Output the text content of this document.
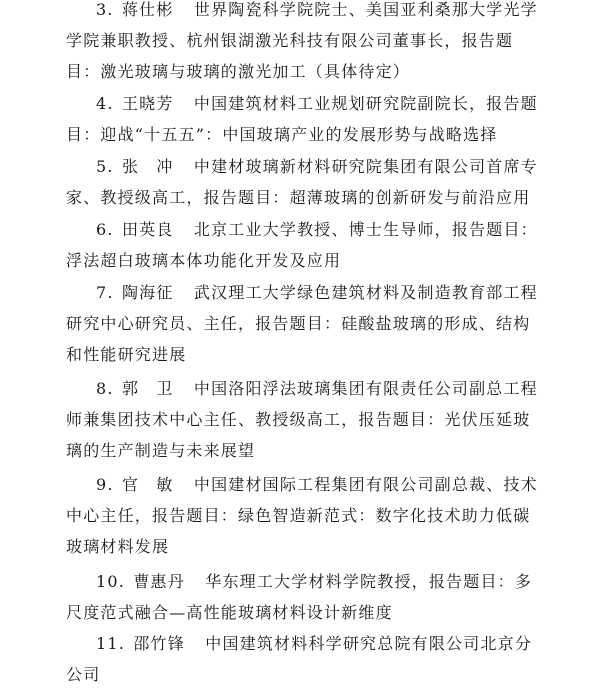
3. 蒋仕彬 世界陶瓷科学院院士、美国亚利桑那大学光学学院兼职教授、杭州银湖激光科技有限公司董事长，报告题目：激光玻璃与玻璃的激光加工（具体待定）

4. 王晓芳 中国建筑材料工业规划研究院副院长，报告题目：迎战“十五五”：中国玻璃产业的发展形势与战略选择

5. 张　冲 中建材玻璃新材料研究院集团有限公司首席专家、教授级高工，报告题目：超薄玻璃的创新研发与前沿应用

6. 田英良 北京工业大学教授、博士生导师，报告题目：浮法超白玻璃本体功能化开发及应用

7. 陶海征 武汉理工大学绿色建筑材料及制造教育部工程研究中心研究员、主任，报告题目：硅酸盐玻璃的形成、结构和性能研究进展

8. 郭　卫 中国洛阳浮法玻璃集团有限责任公司副总工程师兼集团技术中心主任、教授级高工，报告题目：光伏压延玻璃的生产制造与未来展望

9. 官　敏 中国建材国际工程集团有限公司副总裁、技术中心主任，报告题目：绿色智造新范式：数字化技术助力低碳玻璃材料发展

10. 曹惠丹 华东理工大学材料学院教授，报告题目：多尺度范式融合—高性能玻璃材料设计新维度

11. 邵竹锋 中国建筑材料科学研究总院有限公司北京分公司
